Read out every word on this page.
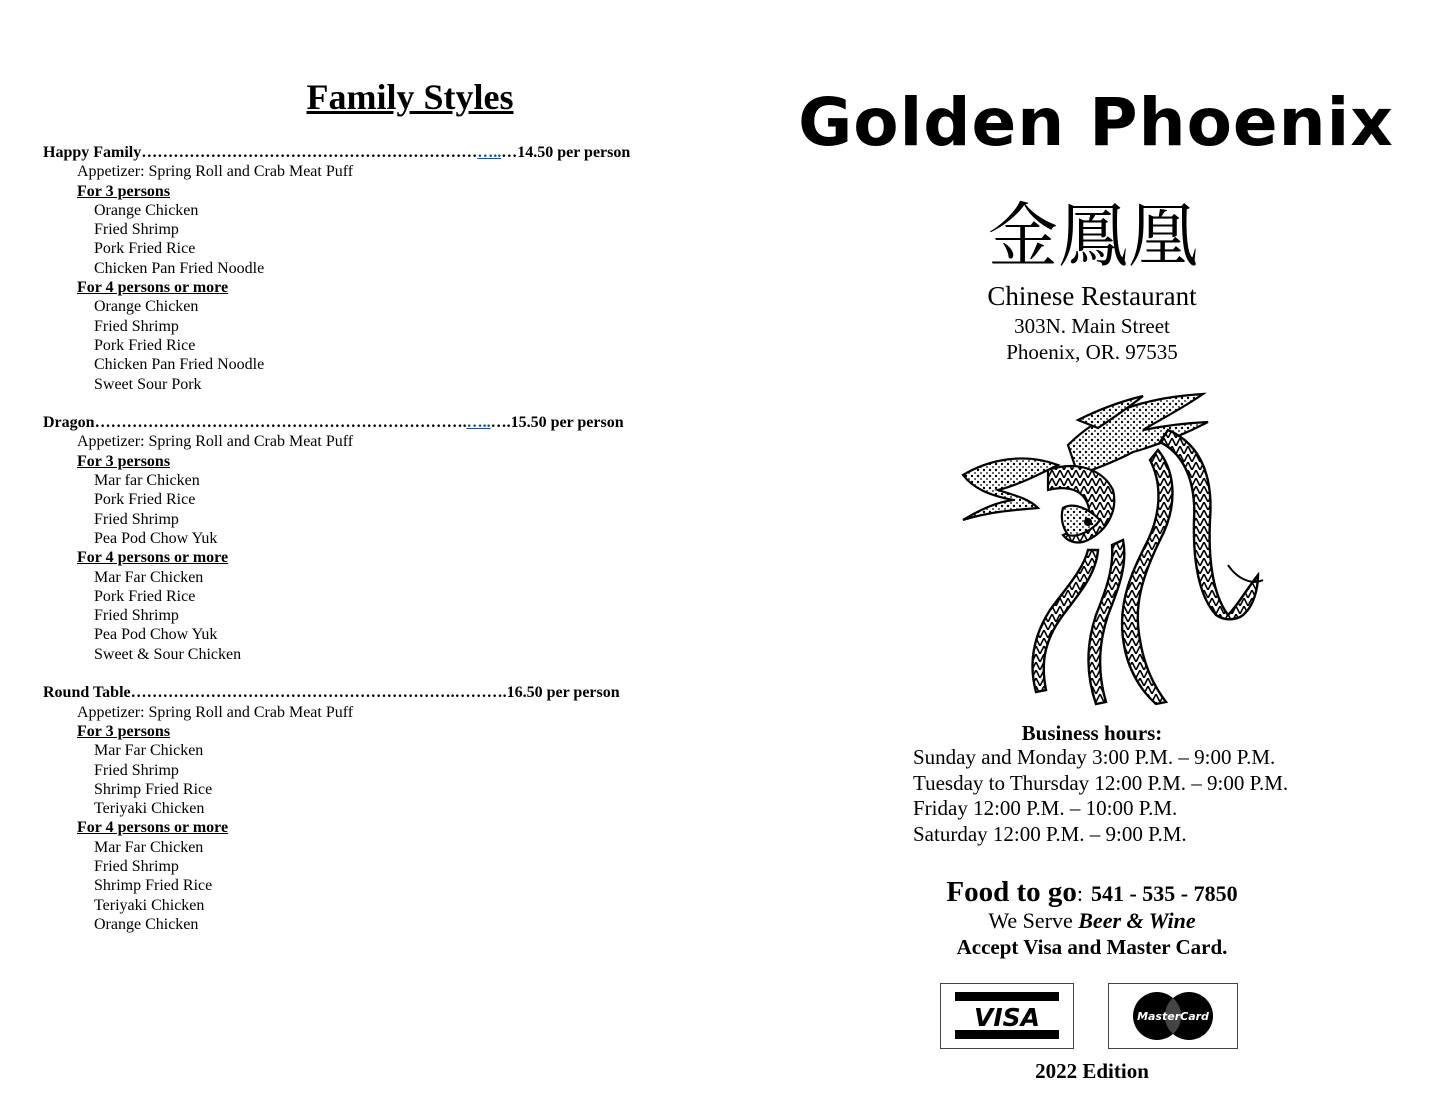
Family Styles
Happy Family…………………………………………………………..…14.50 per person
Appetizer: Spring Roll and Crab Meat Puff
For 3 persons
Orange Chicken
Fried Shrimp
Pork Fried Rice
Chicken Pan Fried Noodle
For 4 persons or more
Orange Chicken
Fried Shrimp
Pork Fried Rice
Chicken Pan Fried Noodle
Sweet Sour Pork
Dragon…………………………………………………………….…..….15.50 per person
Appetizer: Spring Roll and Crab Meat Puff
For 3 persons
Mar far Chicken
Pork Fried Rice
Fried Shrimp
Pea Pod Chow Yuk
For 4 persons or more
Mar Far Chicken
Pork Fried Rice
Fried Shrimp
Pea Pod Chow Yuk
Sweet & Sour Chicken
Round Table…………………………………………………….……….16.50 per person
Appetizer: Spring Roll and Crab Meat Puff
For 3 persons
Mar Far Chicken
Fried Shrimp
Shrimp Fried Rice
Teriyaki Chicken
For 4 persons or more
Mar Far Chicken
Fried Shrimp
Shrimp Fried Rice
Teriyaki Chicken
Orange Chicken
Golden Phoenix
金鳳凰
Chinese Restaurant
303N. Main Street
Phoenix, OR. 97535
Business hours:
Sunday and Monday 3:00 P.M. – 9:00 P.M.
Tuesday to Thursday 12:00 P.M. – 9:00 P.M.
Friday 12:00 P.M. – 10:00 P.M.
Saturday 12:00 P.M. – 9:00 P.M.
Food to go: 541 - 535 - 7850
We Serve Beer & Wine
Accept Visa and Master Card.
VISA	MasterCard
2022 Edition
